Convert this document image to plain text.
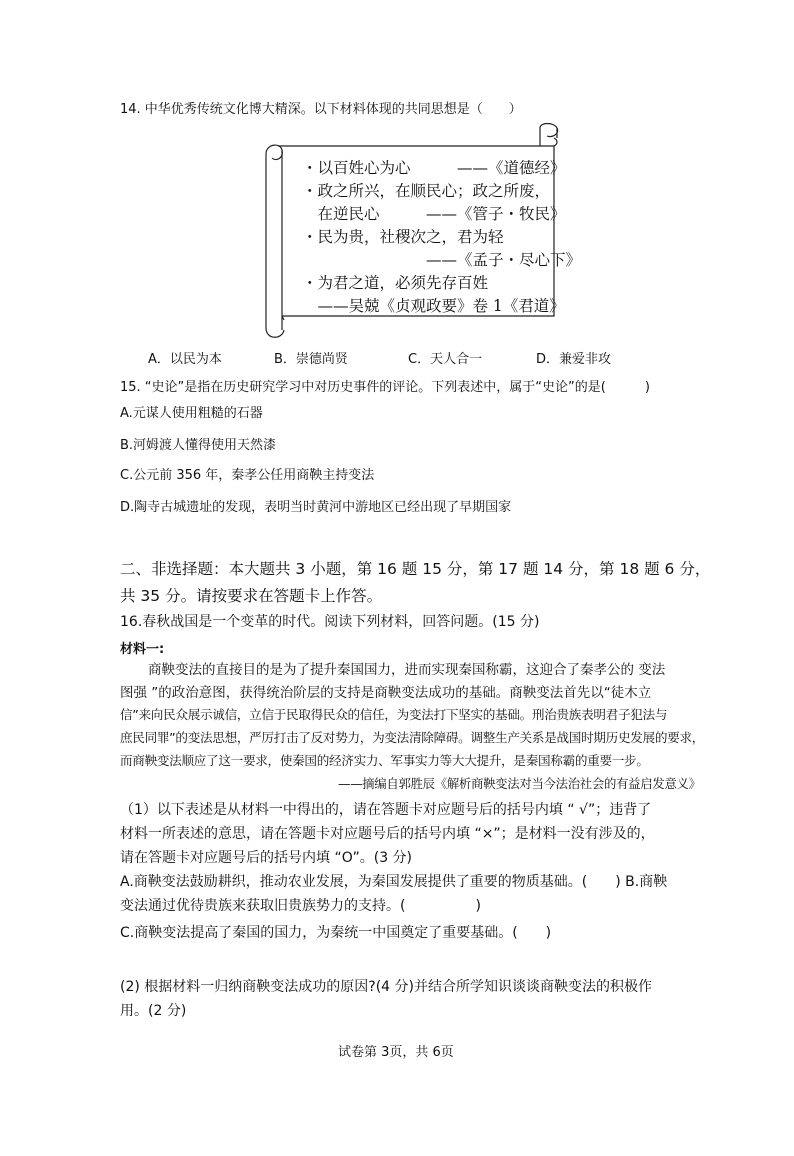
14. 中华优秀传统文化博大精深。以下材料体现的共同思想是（　　）
・以百姓心为心　　　——《道德经》
・政之所兴，在顺民心；政之所废，
　在逆民心　　　——《管子・牧民》
・民为贵，社稷次之，君为轻
　　　　　　　　——《孟子・尽心下》
・为君之道，必须先存百姓
　——吴兢《贞观政要》卷 1《君道》
A．以民为本	B．崇德尚贤	C．天人合一	D．兼爱非攻
15. “史论”是指在历史研究学习中对历史事件的评论。下列表述中，属于“史论”的是(　　　)
A.元谋人使用粗糙的石器
B.河姆渡人懂得使用天然漆
C.公元前 356 年，秦孝公任用商鞅主持变法
D.陶寺古城遗址的发现，表明当时黄河中游地区已经出现了早期国家
二、非选择题：本大题共 3 小题，第 16 题 15 分，第 17 题 14 分，第 18 题 6 分，
共 35 分。请按要求在答题卡上作答。
16.春秋战国是一个变革的时代。阅读下列材料，回答问题。(15 分)
材料一:
商鞅变法的直接目的是为了提升秦国国力，进而实现秦国称霸，这迎合了秦孝公的 变法
图强 ”的政治意图，获得统治阶层的支持是商鞅变法成功的基础。商鞅变法首先以“徒木立
信”来向民众展示诚信，立信于民取得民众的信任，为变法打下坚实的基础。刑治贵族表明君子犯法与
庶民同罪”的变法思想，严厉打击了反对势力，为变法清除障碍。调整生产关系是战国时期历史发展的要求，
而商鞅变法顺应了这一要求，使秦国的经济实力、军事实力等大大提升，是秦国称霸的重要一步。
——摘编自郭胜辰《解析商鞅变法对当今法治社会的有益启发意义》
（1）以下表述是从材料一中得出的，请在答题卡对应题号后的括号内填 “ √”；违背了
材料一所表述的意思，请在答题卡对应题号后的括号内填 “×”；是材料一没有涉及的，
请在答题卡对应题号后的括号内填 “O”。(3 分)
A.商鞅变法鼓励耕织，推动农业发展，为秦国发展提供了重要的物质基础。(　　) B.商鞅
变法通过优待贵族来获取旧贵族势力的支持。(　　　　　)
C.商鞅变法提高了秦国的国力，为秦统一中国奠定了重要基础。(　　)
(2) 根据材料一归纳商鞅变法成功的原因?(4 分)并结合所学知识谈谈商鞅变法的积极作
用。(2 分)
试卷第 3页，共 6页
